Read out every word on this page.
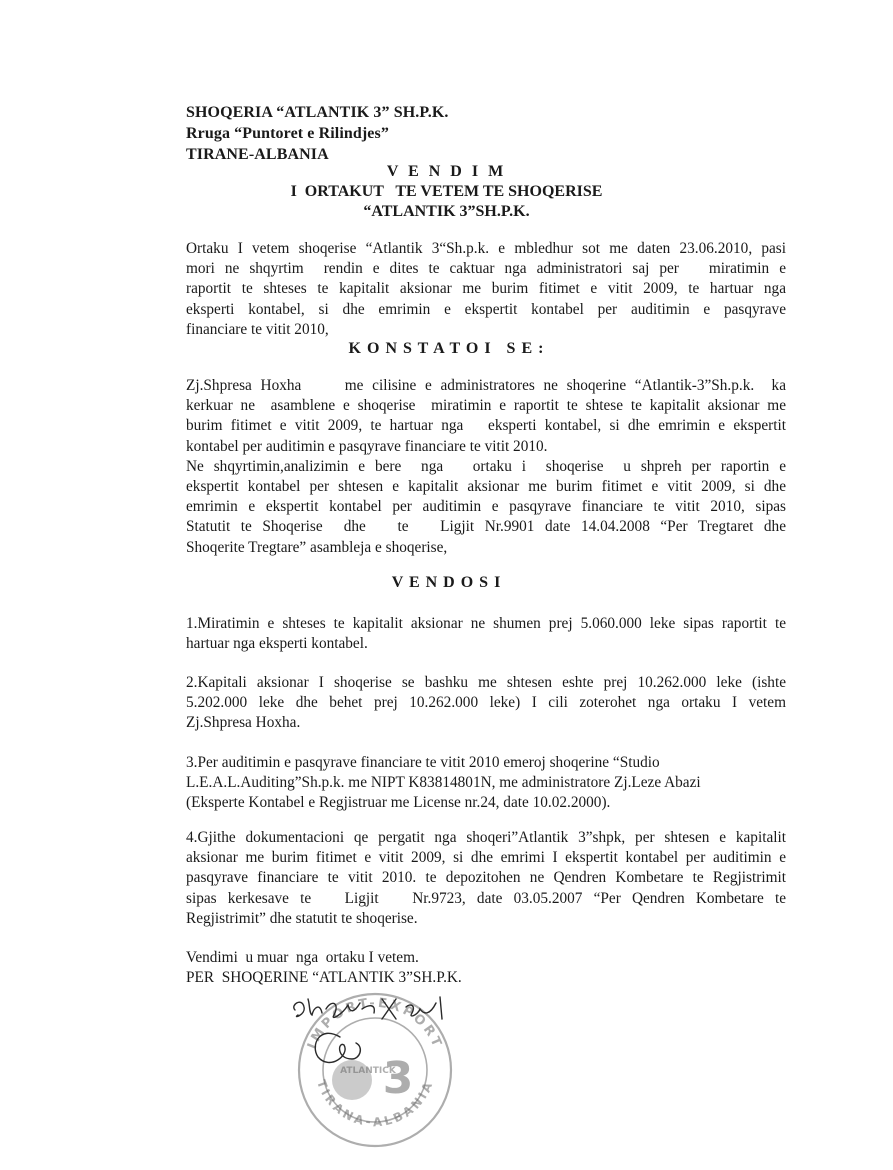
SHOQERIA “ATLANTIK 3” SH.P.K.
Rruga “Puntoret e Rilindjes”
TIRANE-ALBANIA
V E N D I M
I  ORTAKUT   TE VETEM TE SHOQERISE
“ATLANTIK 3”SH.P.K.
Ortaku I vetem shoqerise “Atlantik 3“Sh.p.k. e mbledhur sot me daten 23.06.2010, pasi
mori ne shqyrtim  rendin e dites te caktuar nga administratori saj per   miratimin e
raportit te shteses te kapitalit aksionar me burim fitimet e vitit 2009, te hartuar nga
eksperti kontabel, si dhe emrimin e ekspertit kontabel per auditimin e pasqyrave
financiare te vitit 2010,
K O N S T A T O I   S E :
Zj.Shpresa Hoxha     me cilisine e administratores ne shoqerine “Atlantik-3”Sh.p.k.  ka
kerkuar ne  asamblene e shoqerise  miratimin e raportit te shtese te kapitalit aksionar me
burim fitimet e vitit 2009, te hartuar nga   eksperti kontabel, si dhe emrimin e ekspertit
kontabel per auditimin e pasqyrave financiare te vitit 2010.
Ne shqyrtimin,analizimin e bere  nga   ortaku i  shoqerise  u shpreh per raportin e
ekspertit kontabel per shtesen e kapitalit aksionar me burim fitimet e vitit 2009, si dhe
emrimin e ekspertit kontabel per auditimin e pasqyrave financiare te vitit 2010, sipas
Statutit te Shoqerise  dhe   te   Ligjit Nr.9901 date 14.04.2008 “Per Tregtaret dhe
Shoqerite Tregtare” asambleja e shoqerise,
V E N D O S I
1.Miratimin e shteses te kapitalit aksionar ne shumen prej 5.060.000 leke sipas raportit te
hartuar nga eksperti kontabel.
2.Kapitali aksionar I shoqerise se bashku me shtesen eshte prej 10.262.000 leke (ishte
5.202.000 leke dhe behet prej 10.262.000 leke) I cili zoterohet nga ortaku I vetem
Zj.Shpresa Hoxha.
3.Per auditimin e pasqyrave financiare te vitit 2010 emeroj shoqerine “Studio
L.E.A.L.Auditing”Sh.p.k. me NIPT K83814801N, me administratore Zj.Leze Abazi
(Eksperte Kontabel e Regjistruar me License nr.24, date 10.02.2000).
4.Gjithe dokumentacioni qe pergatit nga shoqeri”Atlantik 3”shpk, per shtesen e kapitalit
aksionar me burim fitimet e vitit 2009, si dhe emrimi I ekspertit kontabel per auditimin e
pasqyrave financiare te vitit 2010. te depozitohen ne Qendren Kombetare te Regjistrimit
sipas kerkesave te   Ligjit   Nr.9723, date 03.05.2007 “Per Qendren Kombetare te
Regjistrimit” dhe statutit te shoqerise.
Vendimi  u muar  nga  ortaku I vetem.
PER  SHOQERINE “ATLANTIK 3”SH.P.K.
IMPORT-EXPORT
TIRANA-ALBANIA
ATLANTICK
3
